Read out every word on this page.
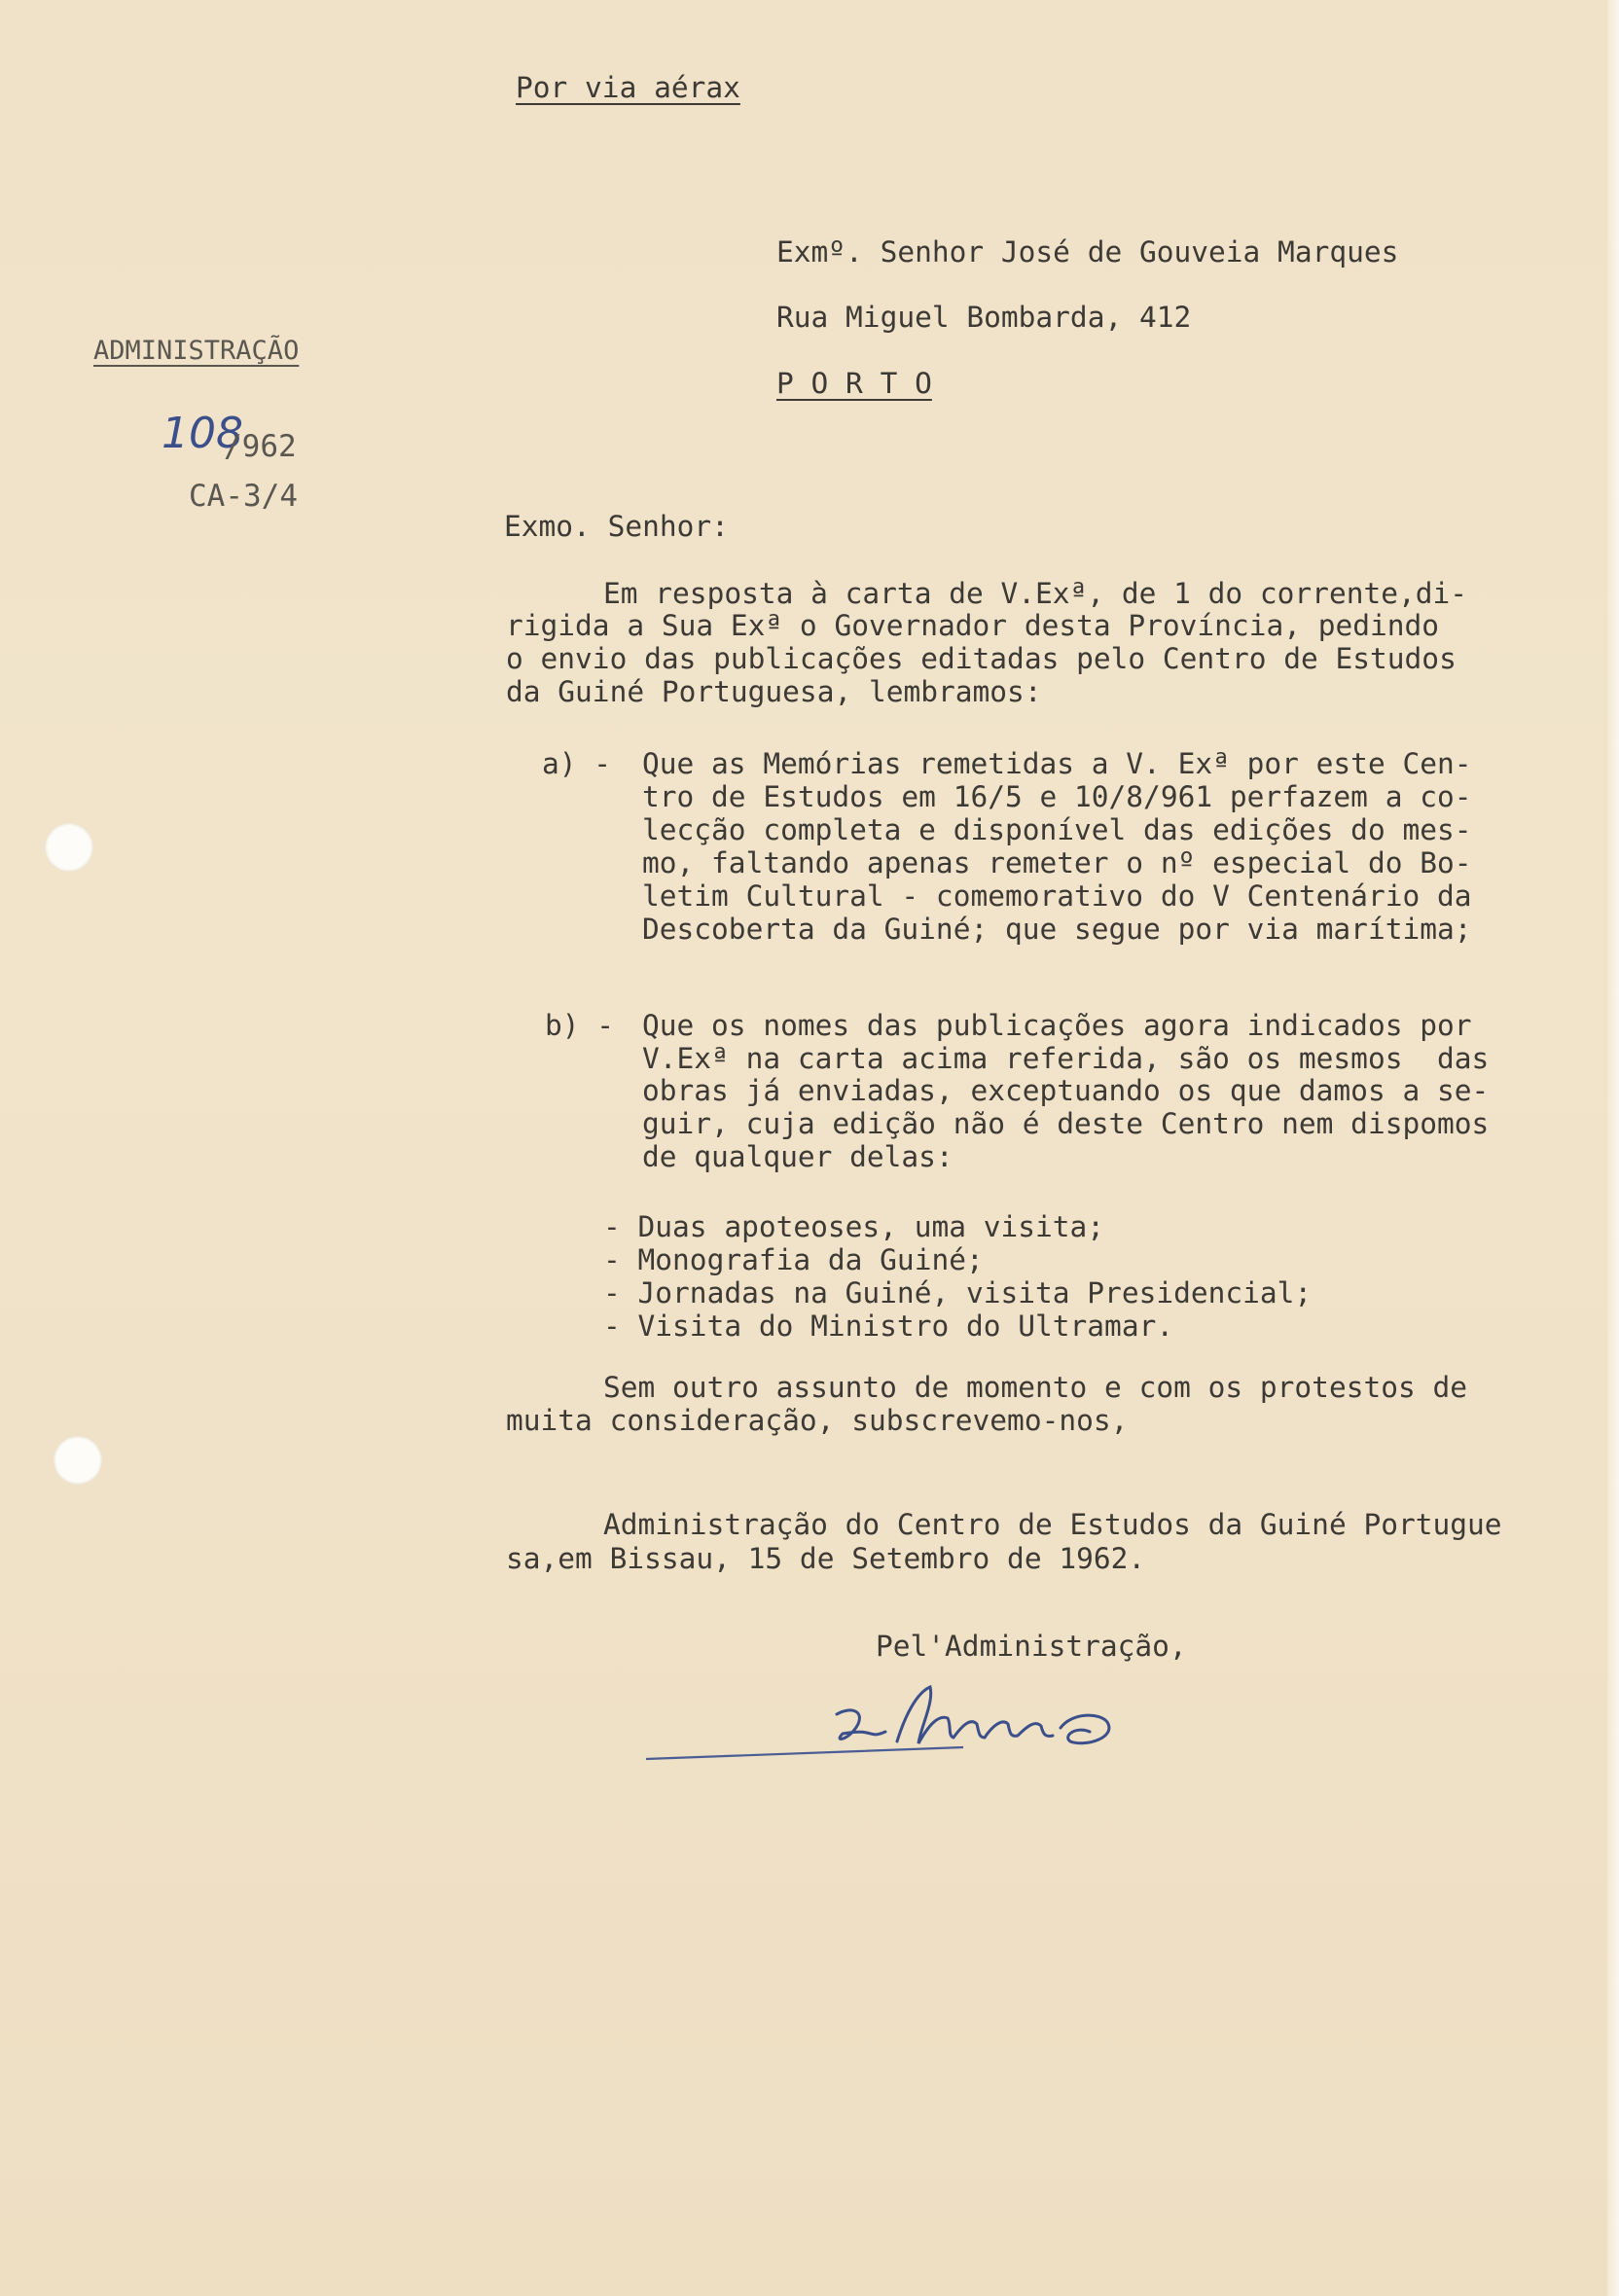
Por via aérax
Exmº. Senhor José de Gouveia Marques
Rua Miguel Bombarda, 412
P O R T O
ADMINISTRAÇÃO
108
/962
CA-3/4
Exmo. Senhor:
Em resposta à carta de V.Exª, de 1 do corrente,di-
rigida a Sua Exª o Governador desta Província, pedindo
o envio das publicações editadas pelo Centro de Estudos
da Guiné Portuguesa, lembramos:
a) - Que as Memórias remetidas a V. Exª por este Cen-
tro de Estudos em 16/5 e 10/8/961 perfazem a co-
lecção completa e disponível das edições do mes-
mo, faltando apenas remeter o nº especial do Bo-
letim Cultural - comemorativo do V Centenário da
Descoberta da Guiné; que segue por via marítima;
b) - Que os nomes das publicações agora indicados por
V.Exª na carta acima referida, são os mesmos  das
obras já enviadas, exceptuando os que damos a se-
guir, cuja edição não é deste Centro nem dispomos
de qualquer delas:
- Duas apoteoses, uma visita;
- Monografia da Guiné;
- Jornadas na Guiné, visita Presidencial;
- Visita do Ministro do Ultramar.
Sem outro assunto de momento e com os protestos de
muita consideração, subscrevemo-nos,
Administração do Centro de Estudos da Guiné Portugue
sa,em Bissau, 15 de Setembro de 1962.
Pel'Administração,
